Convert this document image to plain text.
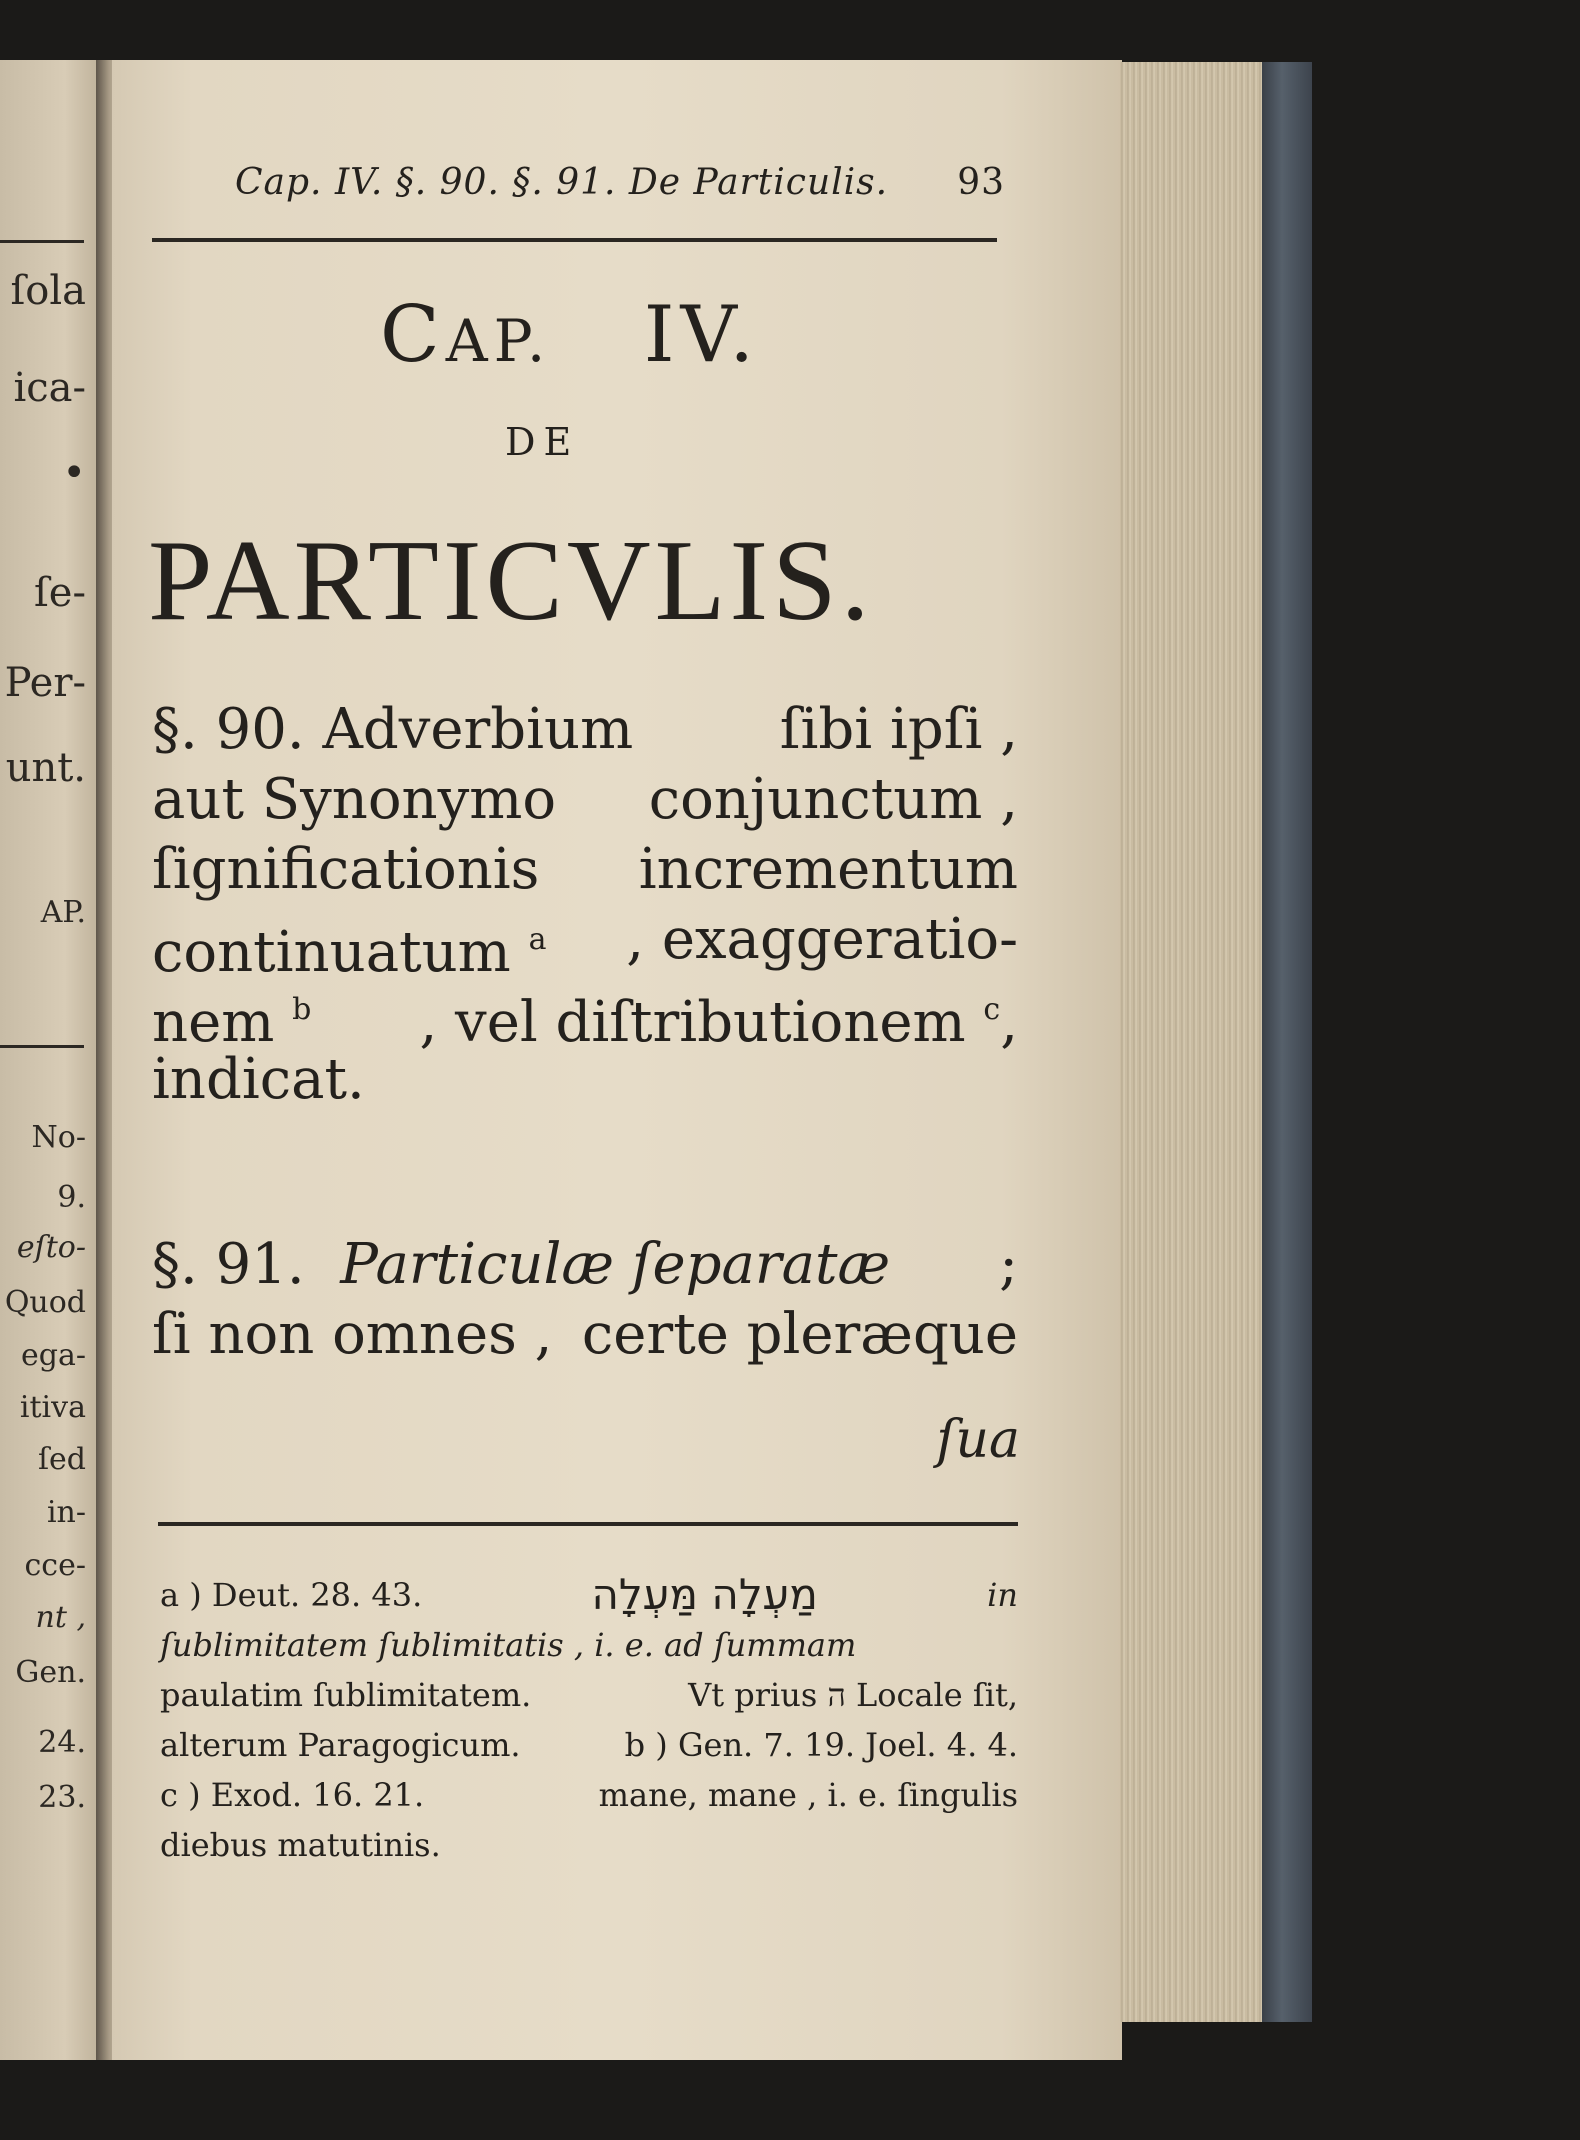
ſola
ica-
•
ſe-
Per-
unt.
AP.
No-
9.
eſto-
Quod
ega-
itiva
ſed
in-
cce-
nt ,
Gen.
24.
23.
Cap. IV. §. 90. §. 91. De Particulis. 93
CAP. IV.
DE
PARTICVLIS.
§. 90. Adverbium	ſibi ipſi ,
aut Synonymo conjunctum ,
ſignificationis incrementum
continuatum $^a$ , exaggeratio-
nem $^b$ , vel diſtributionem $^c$,
indicat.
§. 91. Particulæ ſeparatæ ;
ſi non omnes , certe pleræque
ſua
a ) Deut. 28. 43.	מַעְלָה מַּעְלָה	in
ſublimitatem ſublimitatis , i. e. ad ſummam
paulatim ſublimitatem.	Vt prius ה Locale ſit,
alterum Paragogicum.	b ) Gen. 7. 19. Joel. 4. 4.
c ) Exod. 16. 21.	mane, mane , i. e. ſingulis
diebus matutinis.
